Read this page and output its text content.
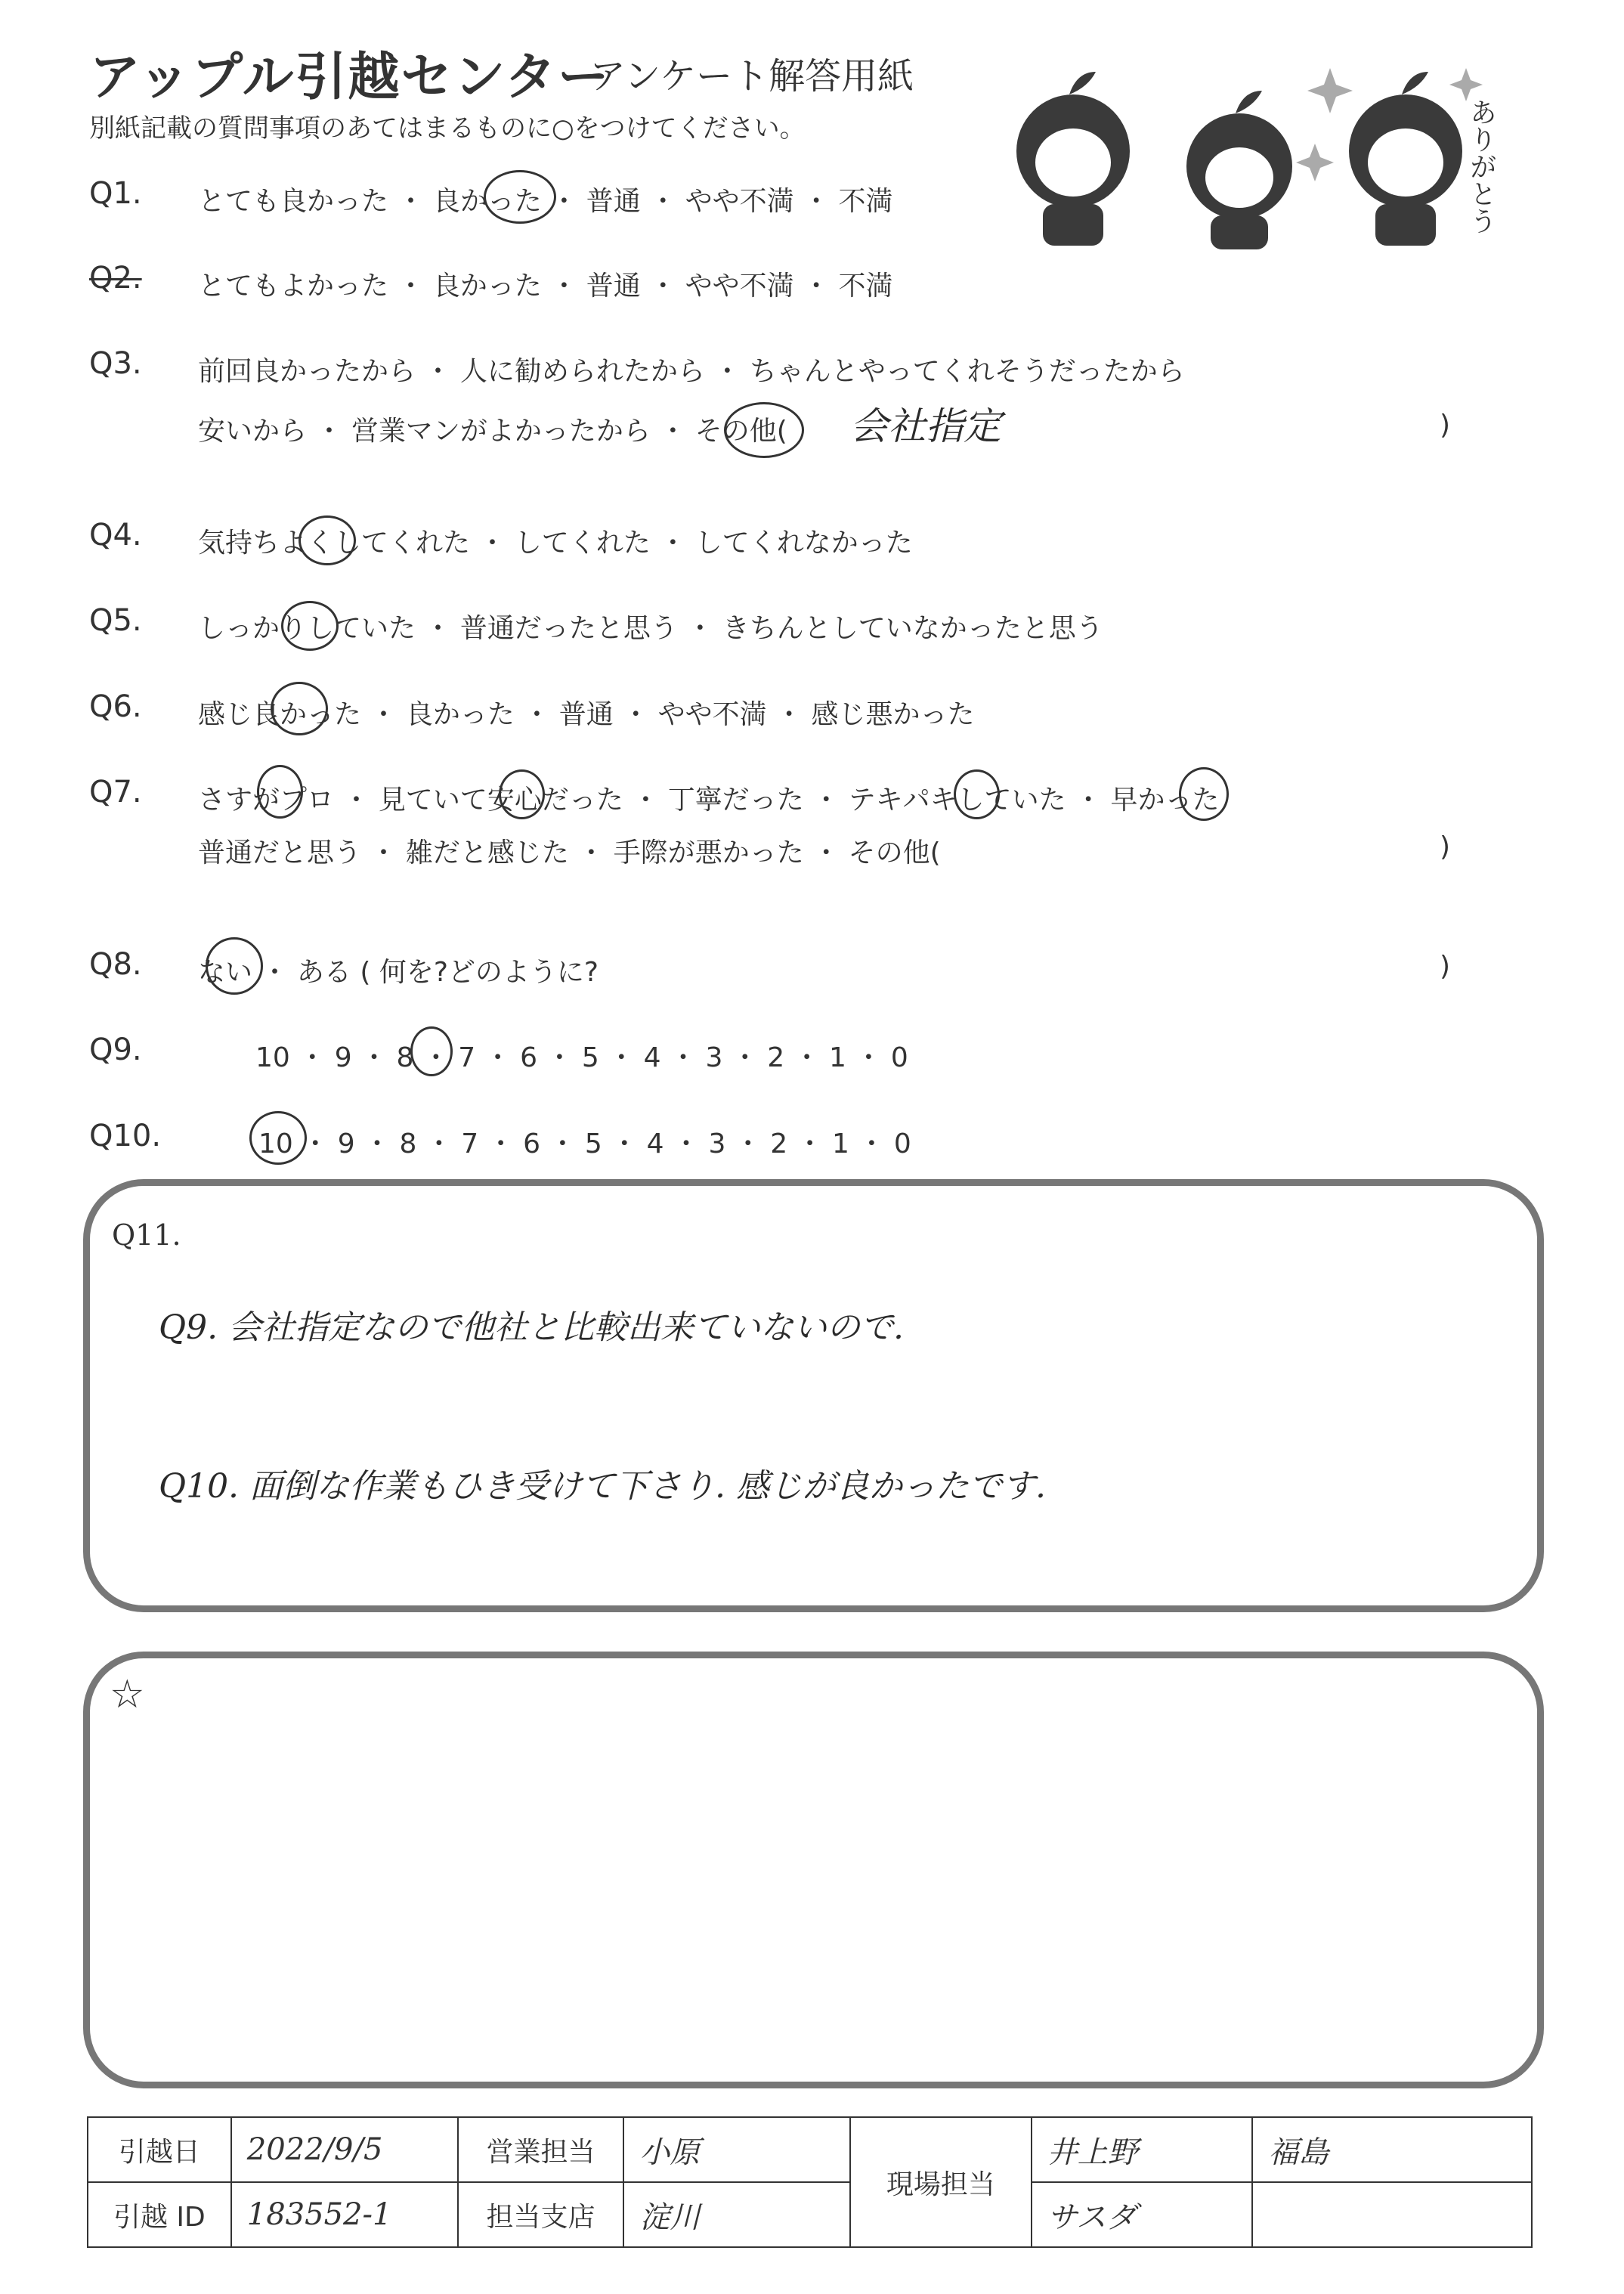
アップル引越センター
アンケート解答用紙
別紙記載の質問事項のあてはまるものに○をつけてください。	ありがとう
Q1. とても良かった ・ 良かった ・ 普通 ・ やや不満 ・ 不満
Q2. とてもよかった ・ 良かった ・ 普通 ・ やや不満 ・ 不満
Q3. 前回良かったから ・ 人に勧められたから ・ ちゃんとやってくれそうだったから
安いから ・ 営業マンがよかったから ・ その他( 会社指定	)
Q4. 気持ちよくしてくれた ・ してくれた ・ してくれなかった
Q5. しっかりしていた ・ 普通だったと思う ・ きちんとしていなかったと思う
Q6. 感じ良かった ・ 良かった ・ 普通 ・ やや不満 ・ 感じ悪かった
Q7. さすがプロ ・ 見ていて安心だった ・ 丁寧だった ・ テキパキしていた ・ 早かった
普通だと思う ・ 雑だと感じた ・ 手際が悪かった ・ その他(	)
Q8. ない ・ ある ( 何を?どのように?	)
Q9.	10 ・ 9 ・ 8 ・ 7 ・ 6 ・ 5 ・ 4 ・ 3 ・ 2 ・ 1 ・ 0
Q10.	10 ・ 9 ・ 8 ・ 7 ・ 6 ・ 5 ・ 4 ・ 3 ・ 2 ・ 1 ・ 0
Q11.
Q9. 会社指定なので他社と比較出来ていないので.
Q10. 面倒な作業もひき受けて下さり. 感じが良かったです.
☆
引越日	2022/9/5	営業担当	小原	現場担当	井上野	福島
引越 ID	183552-1	担当支店	淀川		サスダ	
